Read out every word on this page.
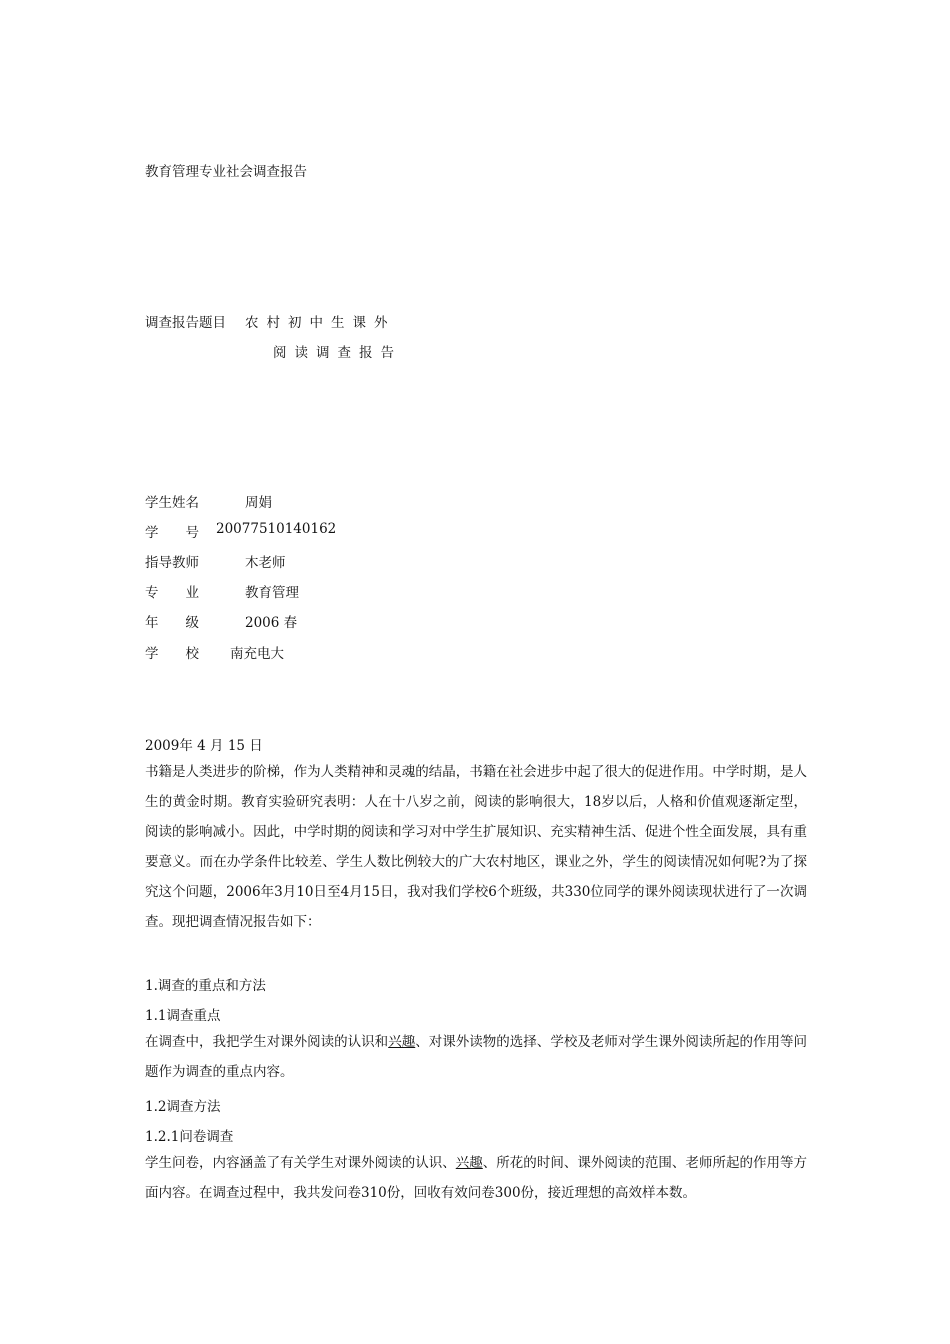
教育管理专业社会调查报告
调查报告题目 农村初中生课外
阅读调查报告
学生姓名	周娟
学　　号	20077510140162
指导教师	木老师
专　　业	教育管理
年　　级	2006 春
学　　校	南充电大
2009年 4 月 15 日
书籍是人类进步的阶梯，作为人类精神和灵魂的结晶，书籍在社会进步中起了很大的促进作用。中学时期，是人生的黄金时期。教育实验研究表明：人在十八岁之前，阅读的影响很大，18岁以后，人格和价值观逐渐定型，阅读的影响减小。因此，中学时期的阅读和学习对中学生扩展知识、充实精神生活、促进个性全面发展，具有重要意义。而在办学条件比较差、学生人数比例较大的广大农村地区，课业之外，学生的阅读情况如何呢?为了探究这个问题，2006年3月10日至4月15日，我对我们学校6个班级，共330位同学的课外阅读现状进行了一次调查。现把调查情况报告如下：
1.调查的重点和方法
1.1调查重点
在调查中，我把学生对课外阅读的认识和兴趣、对课外读物的选择、学校及老师对学生课外阅读所起的作用等问题作为调查的重点内容。
1.2调查方法
1.2.1问卷调查
学生问卷，内容涵盖了有关学生对课外阅读的认识、兴趣、所花的时间、课外阅读的范围、老师所起的作用等方面内容。在调查过程中，我共发问卷310份，回收有效问卷300份，接近理想的高效样本数。
